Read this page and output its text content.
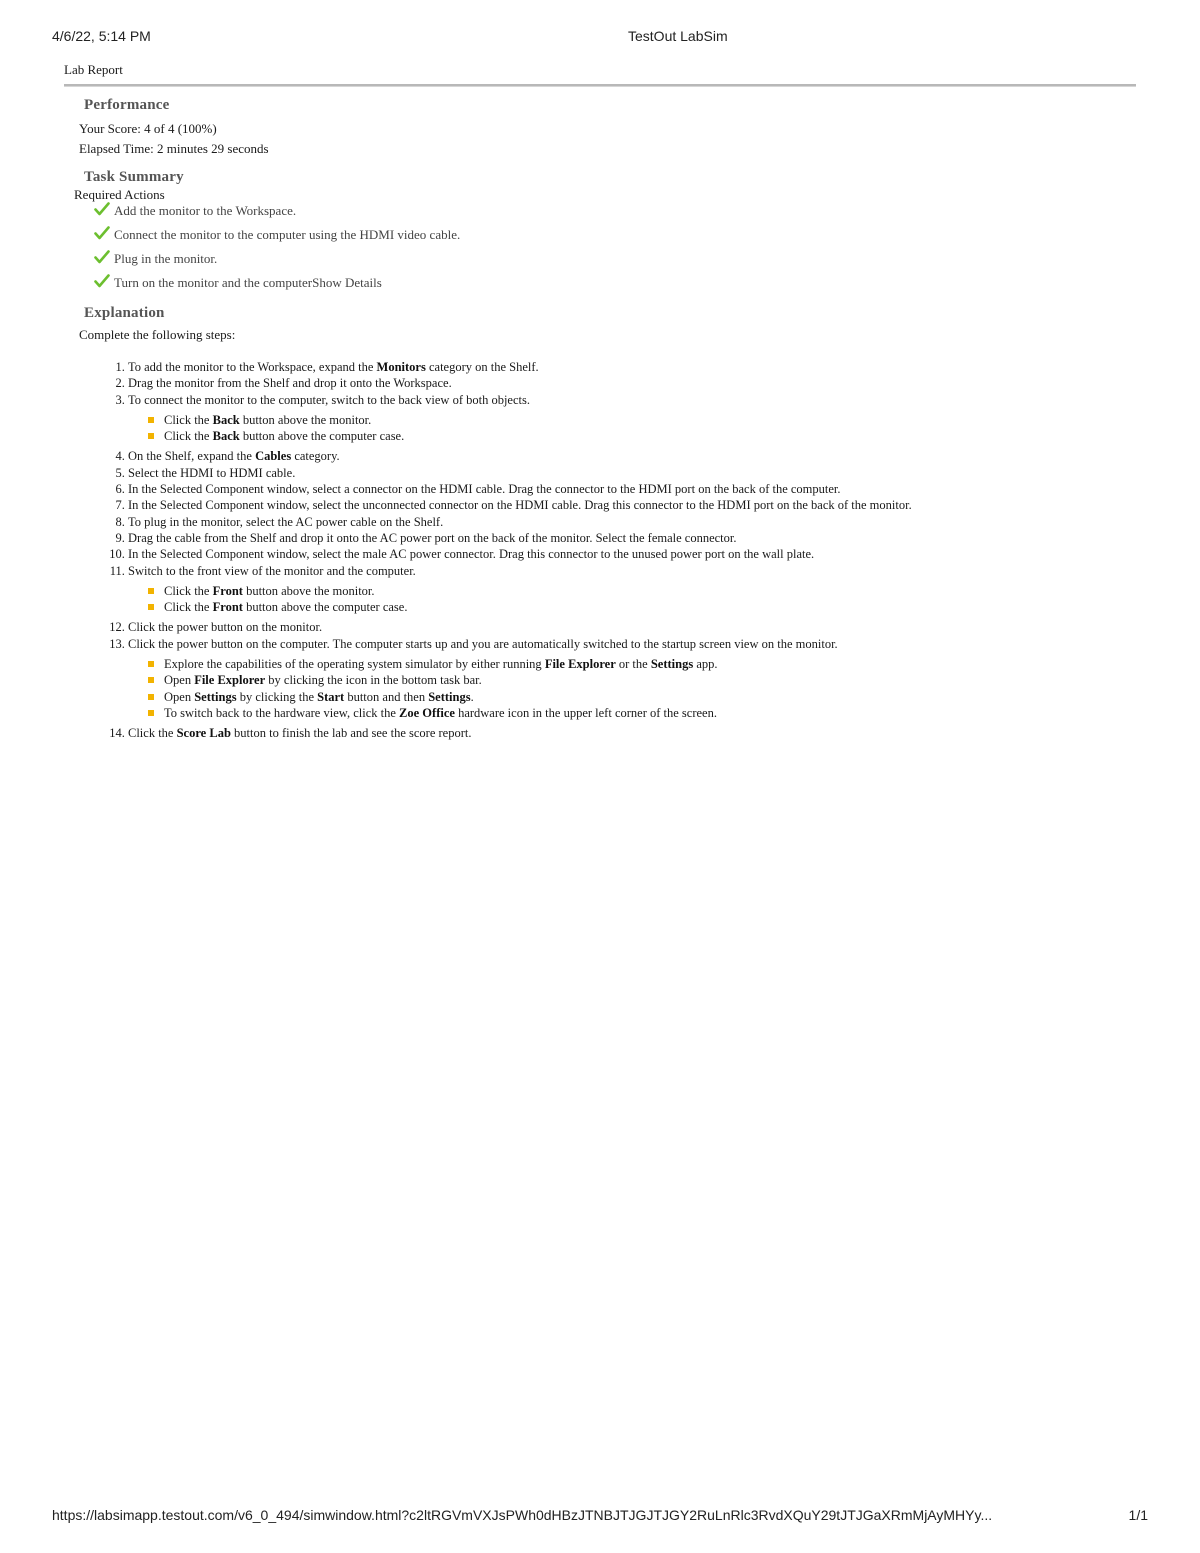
4/6/22, 5:14 PM	TestOut LabSim
Lab Report
Performance
Your Score: 4 of 4 (100%)
Elapsed Time: 2 minutes 29 seconds
Task Summary
Required Actions
Add the monitor to the Workspace.
Connect the monitor to the computer using the HDMI video cable.
Plug in the monitor.
Turn on the monitor and the computerShow Details
Explanation
Complete the following steps:
1. To add the monitor to the Workspace, expand the Monitors category on the Shelf.
2. Drag the monitor from the Shelf and drop it onto the Workspace.
3. To connect the monitor to the computer, switch to the back view of both objects.
Click the Back button above the monitor.
Click the Back button above the computer case.
4. On the Shelf, expand the Cables category.
5. Select the HDMI to HDMI cable.
6. In the Selected Component window, select a connector on the HDMI cable. Drag the connector to the HDMI port on the back of the computer.
7. In the Selected Component window, select the unconnected connector on the HDMI cable. Drag this connector to the HDMI port on the back of the monitor.
8. To plug in the monitor, select the AC power cable on the Shelf.
9. Drag the cable from the Shelf and drop it onto the AC power port on the back of the monitor. Select the female connector.
10. In the Selected Component window, select the male AC power connector. Drag this connector to the unused power port on the wall plate.
11. Switch to the front view of the monitor and the computer.
Click the Front button above the monitor.
Click the Front button above the computer case.
12. Click the power button on the monitor.
13. Click the power button on the computer. The computer starts up and you are automatically switched to the startup screen view on the monitor.
Explore the capabilities of the operating system simulator by either running File Explorer or the Settings app.
Open File Explorer by clicking the icon in the bottom task bar.
Open Settings by clicking the Start button and then Settings.
To switch back to the hardware view, click the Zoe Office hardware icon in the upper left corner of the screen.
14. Click the Score Lab button to finish the lab and see the score report.
https://labsimapp.testout.com/v6_0_494/simwindow.html?c2ltRGVmVXJsPWh0dHBzJTNBJTJGJTJGY2RuLnRlc3RvdXQuY29tJTJGaXRmMjAyMHYy...	1/1
